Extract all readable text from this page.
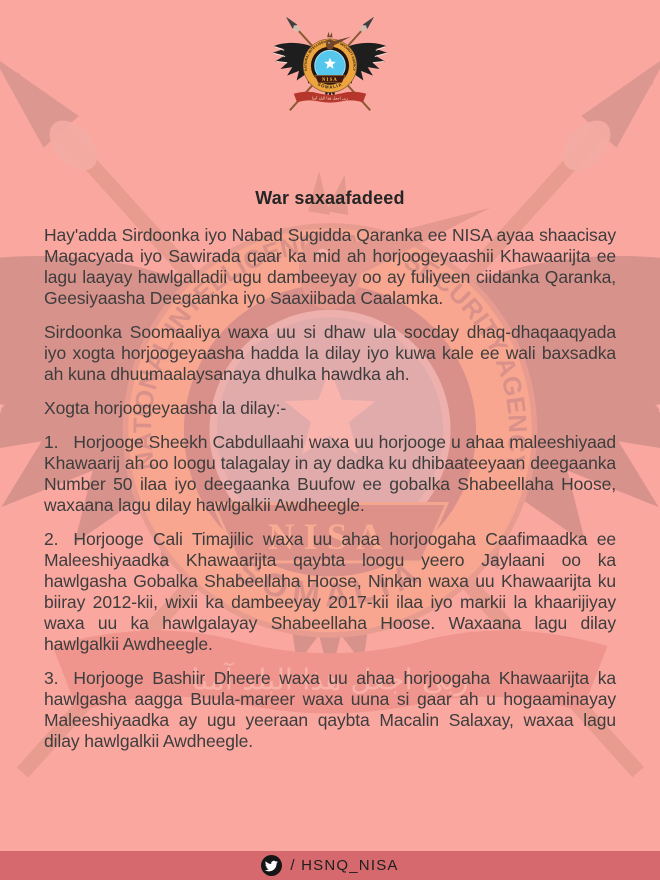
War saxaafadeed

Hay'adda Sirdoonka iyo Nabad Sugidda Qaranka ee NISA ayaa shaacisay Magacyada iyo Sawirada qaar ka mid ah horjoogeyaashii Khawaarijta ee lagu laayay hawlgalladii ugu dambeeyay oo ay fuliyeen ciidanka Qaranka, Geesiyaasha Deegaanka iyo Saaxiibada Caalamka.

Sirdoonka Soomaaliya waxa uu si dhaw ula socday dhaq-dhaqaaqyada iyo xogta horjoogeyaasha hadda la dilay iyo kuwa kale ee wali baxsadka ah kuna dhuumaalaysanaya dhulka hawdka ah.

Xogta horjoogeyaasha la dilay:-

1. Horjooge Sheekh Cabdullaahi waxa uu horjooge u ahaa maleeshiyaad Khawaarij ah oo loogu talagalay in ay dadka ku dhibaateeyaan deegaanka Number 50 ilaa iyo deegaanka Buufow ee gobalka Shabeellaha Hoose, waxaana lagu dilay hawlgalkii Awdheegle.

2. Horjooge Cali Timajilic waxa uu ahaa horjoogaha Caafimaadka ee Maleeshiyaadka Khawaarijta qaybta loogu yeero Jaylaani oo ka hawlgasha Gobalka Shabeellaha Hoose, Ninkan waxa uu Khawaarijta ku biiray 2012-kii, wixii ka dambeeyay 2017-kii ilaa iyo markii la khaarijiyay waxa uu ka hawlgalayay Shabeellaha Hoose. Waxaana lagu dilay hawlgalkii Awdheegle.

3. Horjooge Bashiir Dheere waxa uu ahaa horjoogaha Khawaarijta ka hawlgasha aagga Buula-mareer waxa uuna si gaar ah u hogaaminayay Maleeshiyaadka ay ugu yeeraan qaybta Macalin Salaxay, waxaa lagu dilay hawlgalkii Awdheegle.

/ HSNQ_NISA
